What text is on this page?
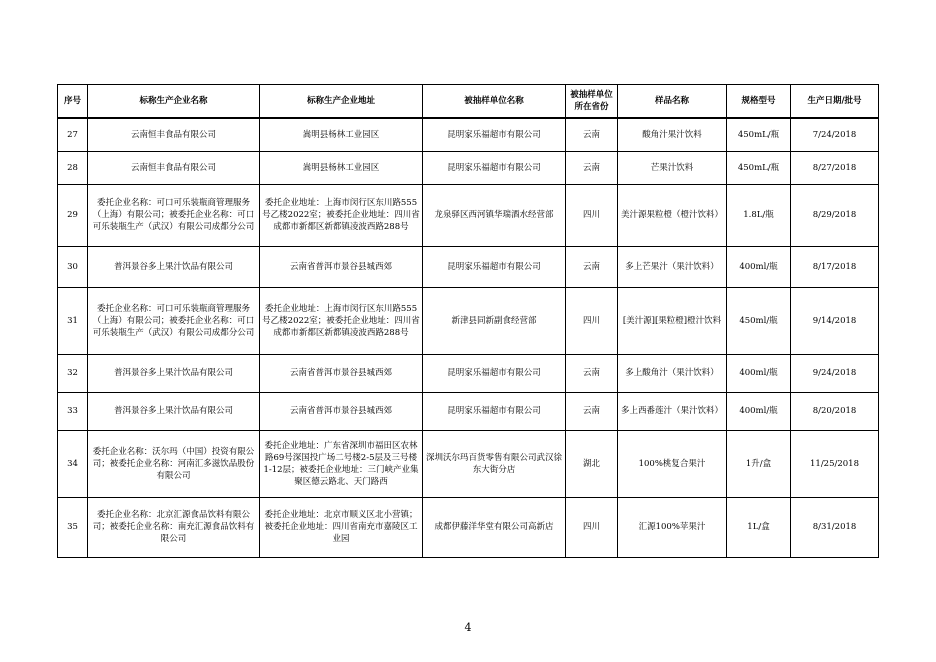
序号	标称生产企业名称	标称生产企业地址	被抽样单位名称	被抽样单位所在省份	样品名称	规格型号	生产日期/批号
27	云南恒丰食品有限公司	嵩明县杨林工业园区	昆明家乐福超市有限公司	云南	酸角汁果汁饮料	450mL/瓶	7/24/2018
28	云南恒丰食品有限公司	嵩明县杨林工业园区	昆明家乐福超市有限公司	云南	芒果汁饮料	450mL/瓶	8/27/2018
29	委托企业名称：可口可乐装瓶商管理服务（上海）有限公司；被委托企业名称：可口可乐装瓶生产（武汉）有限公司成都分公司	委托企业地址：上海市闵行区东川路555号乙楼2022室；被委托企业地址：四川省成都市新都区新都镇凌波西路288号	龙泉驿区西河镇华瑞酒水经营部	四川	美汁源果粒橙（橙汁饮料）	1.8L/瓶	8/29/2018
30	普洱景谷多上果汁饮品有限公司	云南省普洱市景谷县城西郊	昆明家乐福超市有限公司	云南	多上芒果汁（果汁饮料）	400ml/瓶	8/17/2018
31	委托企业名称：可口可乐装瓶商管理服务（上海）有限公司；被委托企业名称：可口可乐装瓶生产（武汉）有限公司成都分公司	委托企业地址：上海市闵行区东川路555号乙楼2022室；被委托企业地址：四川省成都市新都区新都镇凌波西路288号	新津县同新副食经营部	四川	[美汁源][果粒橙]橙汁饮料	450ml/瓶	9/14/2018
32	普洱景谷多上果汁饮品有限公司	云南省普洱市景谷县城西郊	昆明家乐福超市有限公司	云南	多上酸角汁（果汁饮料）	400ml/瓶	9/24/2018
33	普洱景谷多上果汁饮品有限公司	云南省普洱市景谷县城西郊	昆明家乐福超市有限公司	云南	多上西番莲汁（果汁饮料）	400ml/瓶	8/20/2018
34	委托企业名称：沃尔玛（中国）投资有限公司；被委托企业名称：河南汇多滋饮品股份有限公司	委托企业地址：广东省深圳市福田区农林路69号深国投广场二号楼2-5层及三号楼1-12层；被委托企业地址：三门峡产业集聚区德云路北、天门路西	深圳沃尔玛百货零售有限公司武汉徐东大街分店	湖北	100%桃复合果汁	1升/盒	11/25/2018
35	委托企业名称：北京汇源食品饮料有限公司；被委托企业名称：南充汇源食品饮料有限公司	委托企业地址：北京市顺义区北小营镇；被委托企业地址：四川省南充市嘉陵区工业园	成都伊藤洋华堂有限公司高新店	四川	汇源100%苹果汁	1L/盒	8/31/2018
4
